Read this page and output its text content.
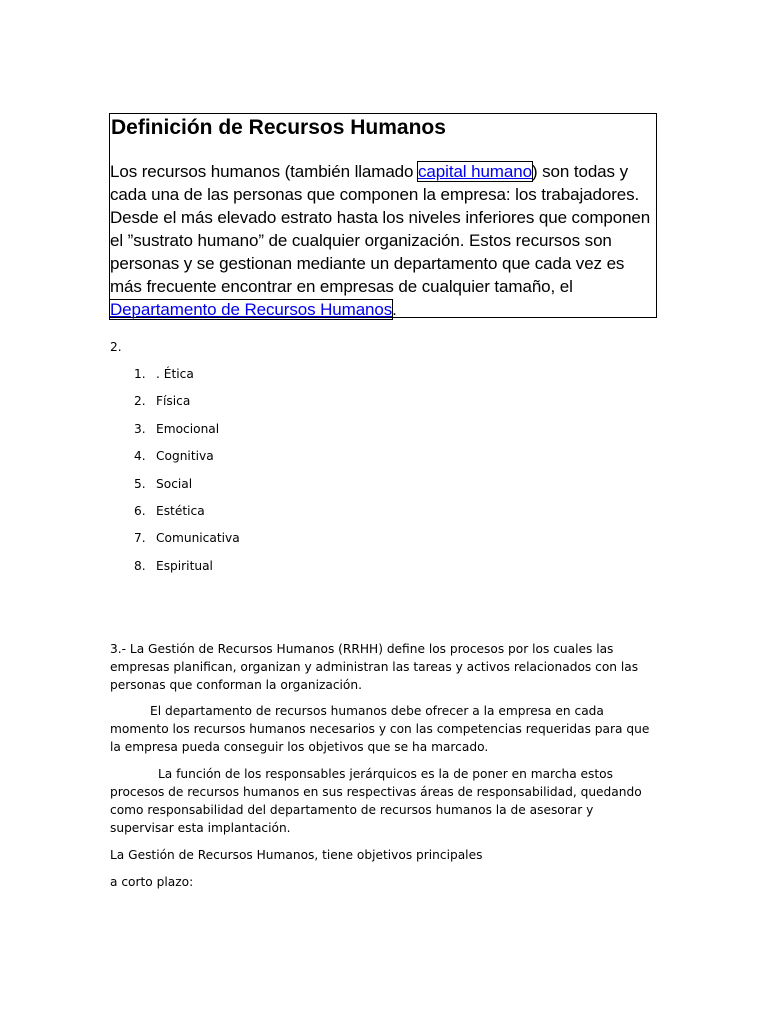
Definición de Recursos Humanos

Los recursos humanos (también llamado capital humano) son todas y cada una de las personas que componen la empresa: los trabajadores. Desde el más elevado estrato hasta los niveles inferiores que componen el ”sustrato humano” de cualquier organización. Estos recursos son personas y se gestionan mediante un departamento que cada vez es más frecuente encontrar en empresas de cualquier tamaño, el Departamento de Recursos Humanos.

2.
1. . Ética
2. Física
3. Emocional
4. Cognitiva
5. Social
6. Estética
7. Comunicativa
8. Espiritual

3.- La Gestión de Recursos Humanos (RRHH) define los procesos por los cuales las empresas planifican, organizan y administran las tareas y activos relacionados con las personas que conforman la organización.

El departamento de recursos humanos debe ofrecer a la empresa en cada momento los recursos humanos necesarios y con las competencias requeridas para que la empresa pueda conseguir los objetivos que se ha marcado.

La función de los responsables jerárquicos es la de poner en marcha estos procesos de recursos humanos en sus respectivas áreas de responsabilidad, quedando como responsabilidad del departamento de recursos humanos la de asesorar y supervisar esta implantación.

La Gestión de Recursos Humanos, tiene objetivos principales

a corto plazo:
